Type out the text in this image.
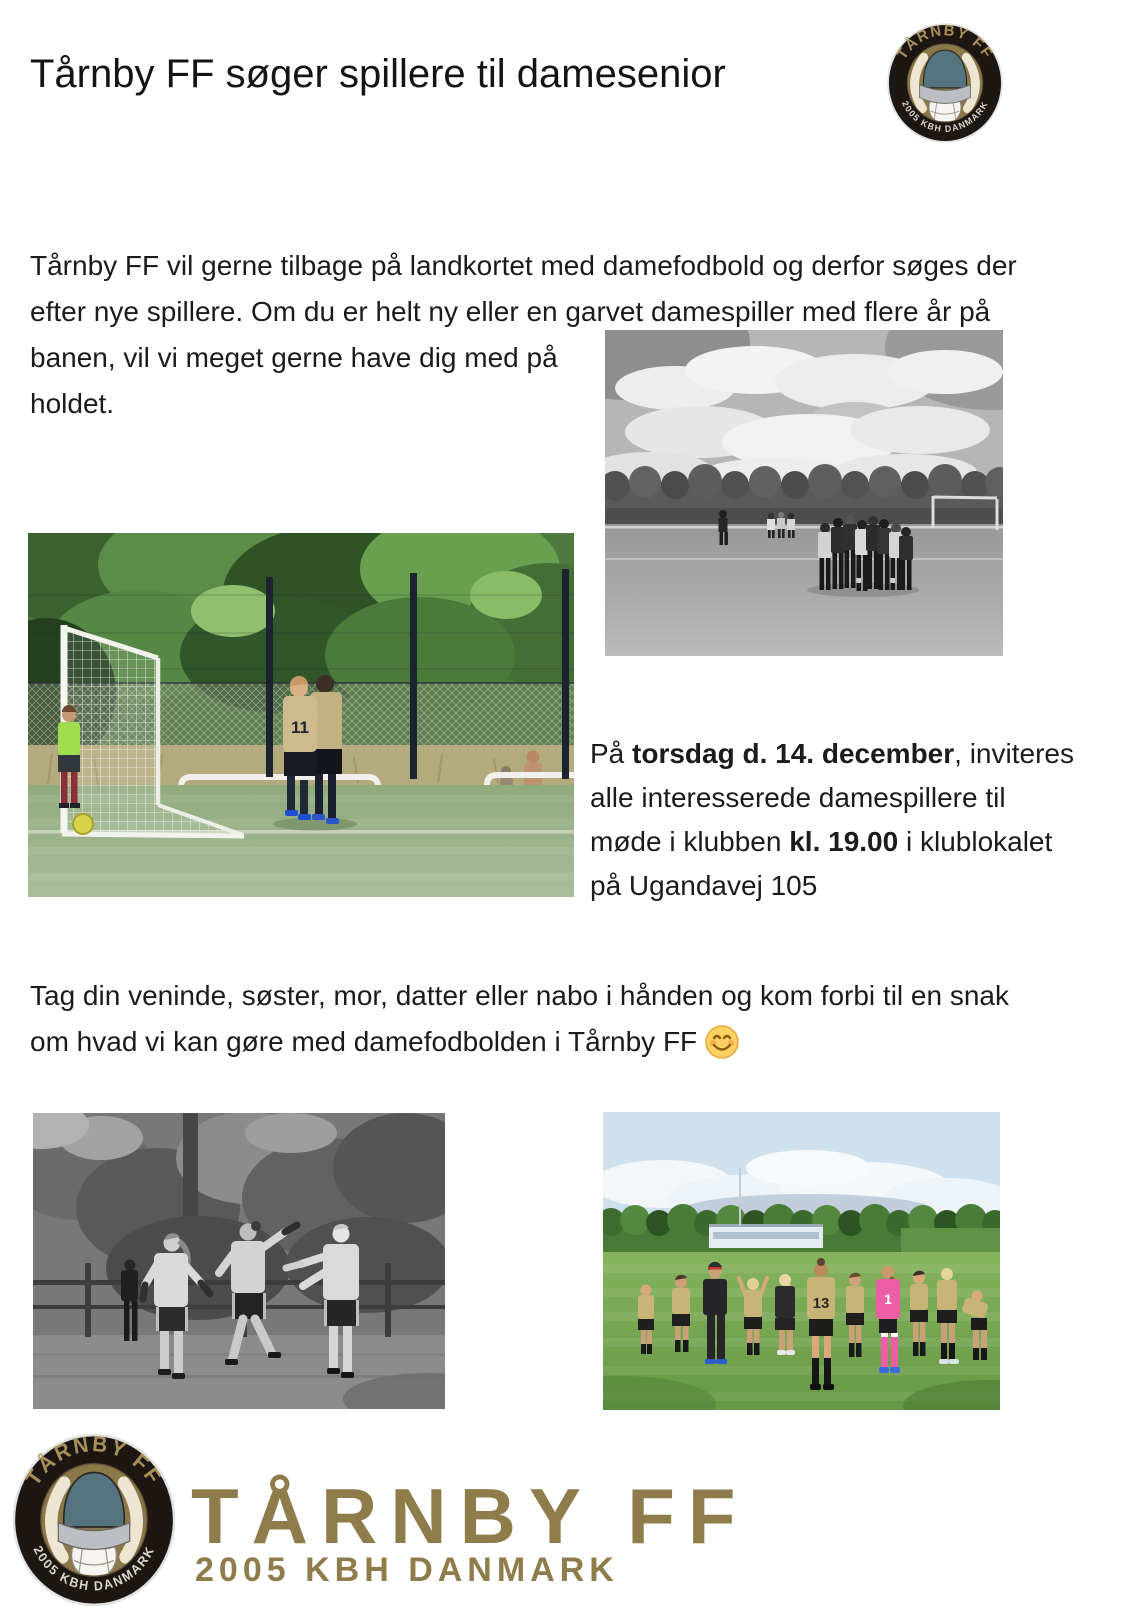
Tårnby FF søger spillere til damesenior
Tårnby FF vil gerne tilbage på landkortet med damefodbold og derfor søges der
efter nye spillere. Om du er helt ny eller en garvet damespiller med flere år på
banen, vil vi meget gerne have dig med på
holdet.
11
På torsdag d. 14. december, inviteres
alle interesserede damespillere til
møde i klubben kl. 19.00 i klublokalet
på Ugandavej 105
Tag din veninde, søster, mor, datter eller nabo i hånden og kom forbi til en snak
om hvad vi kan gøre med damefodbolden i Tårnby FF
13	1
TÅRNBY FF
2005 KBH DANMARK
